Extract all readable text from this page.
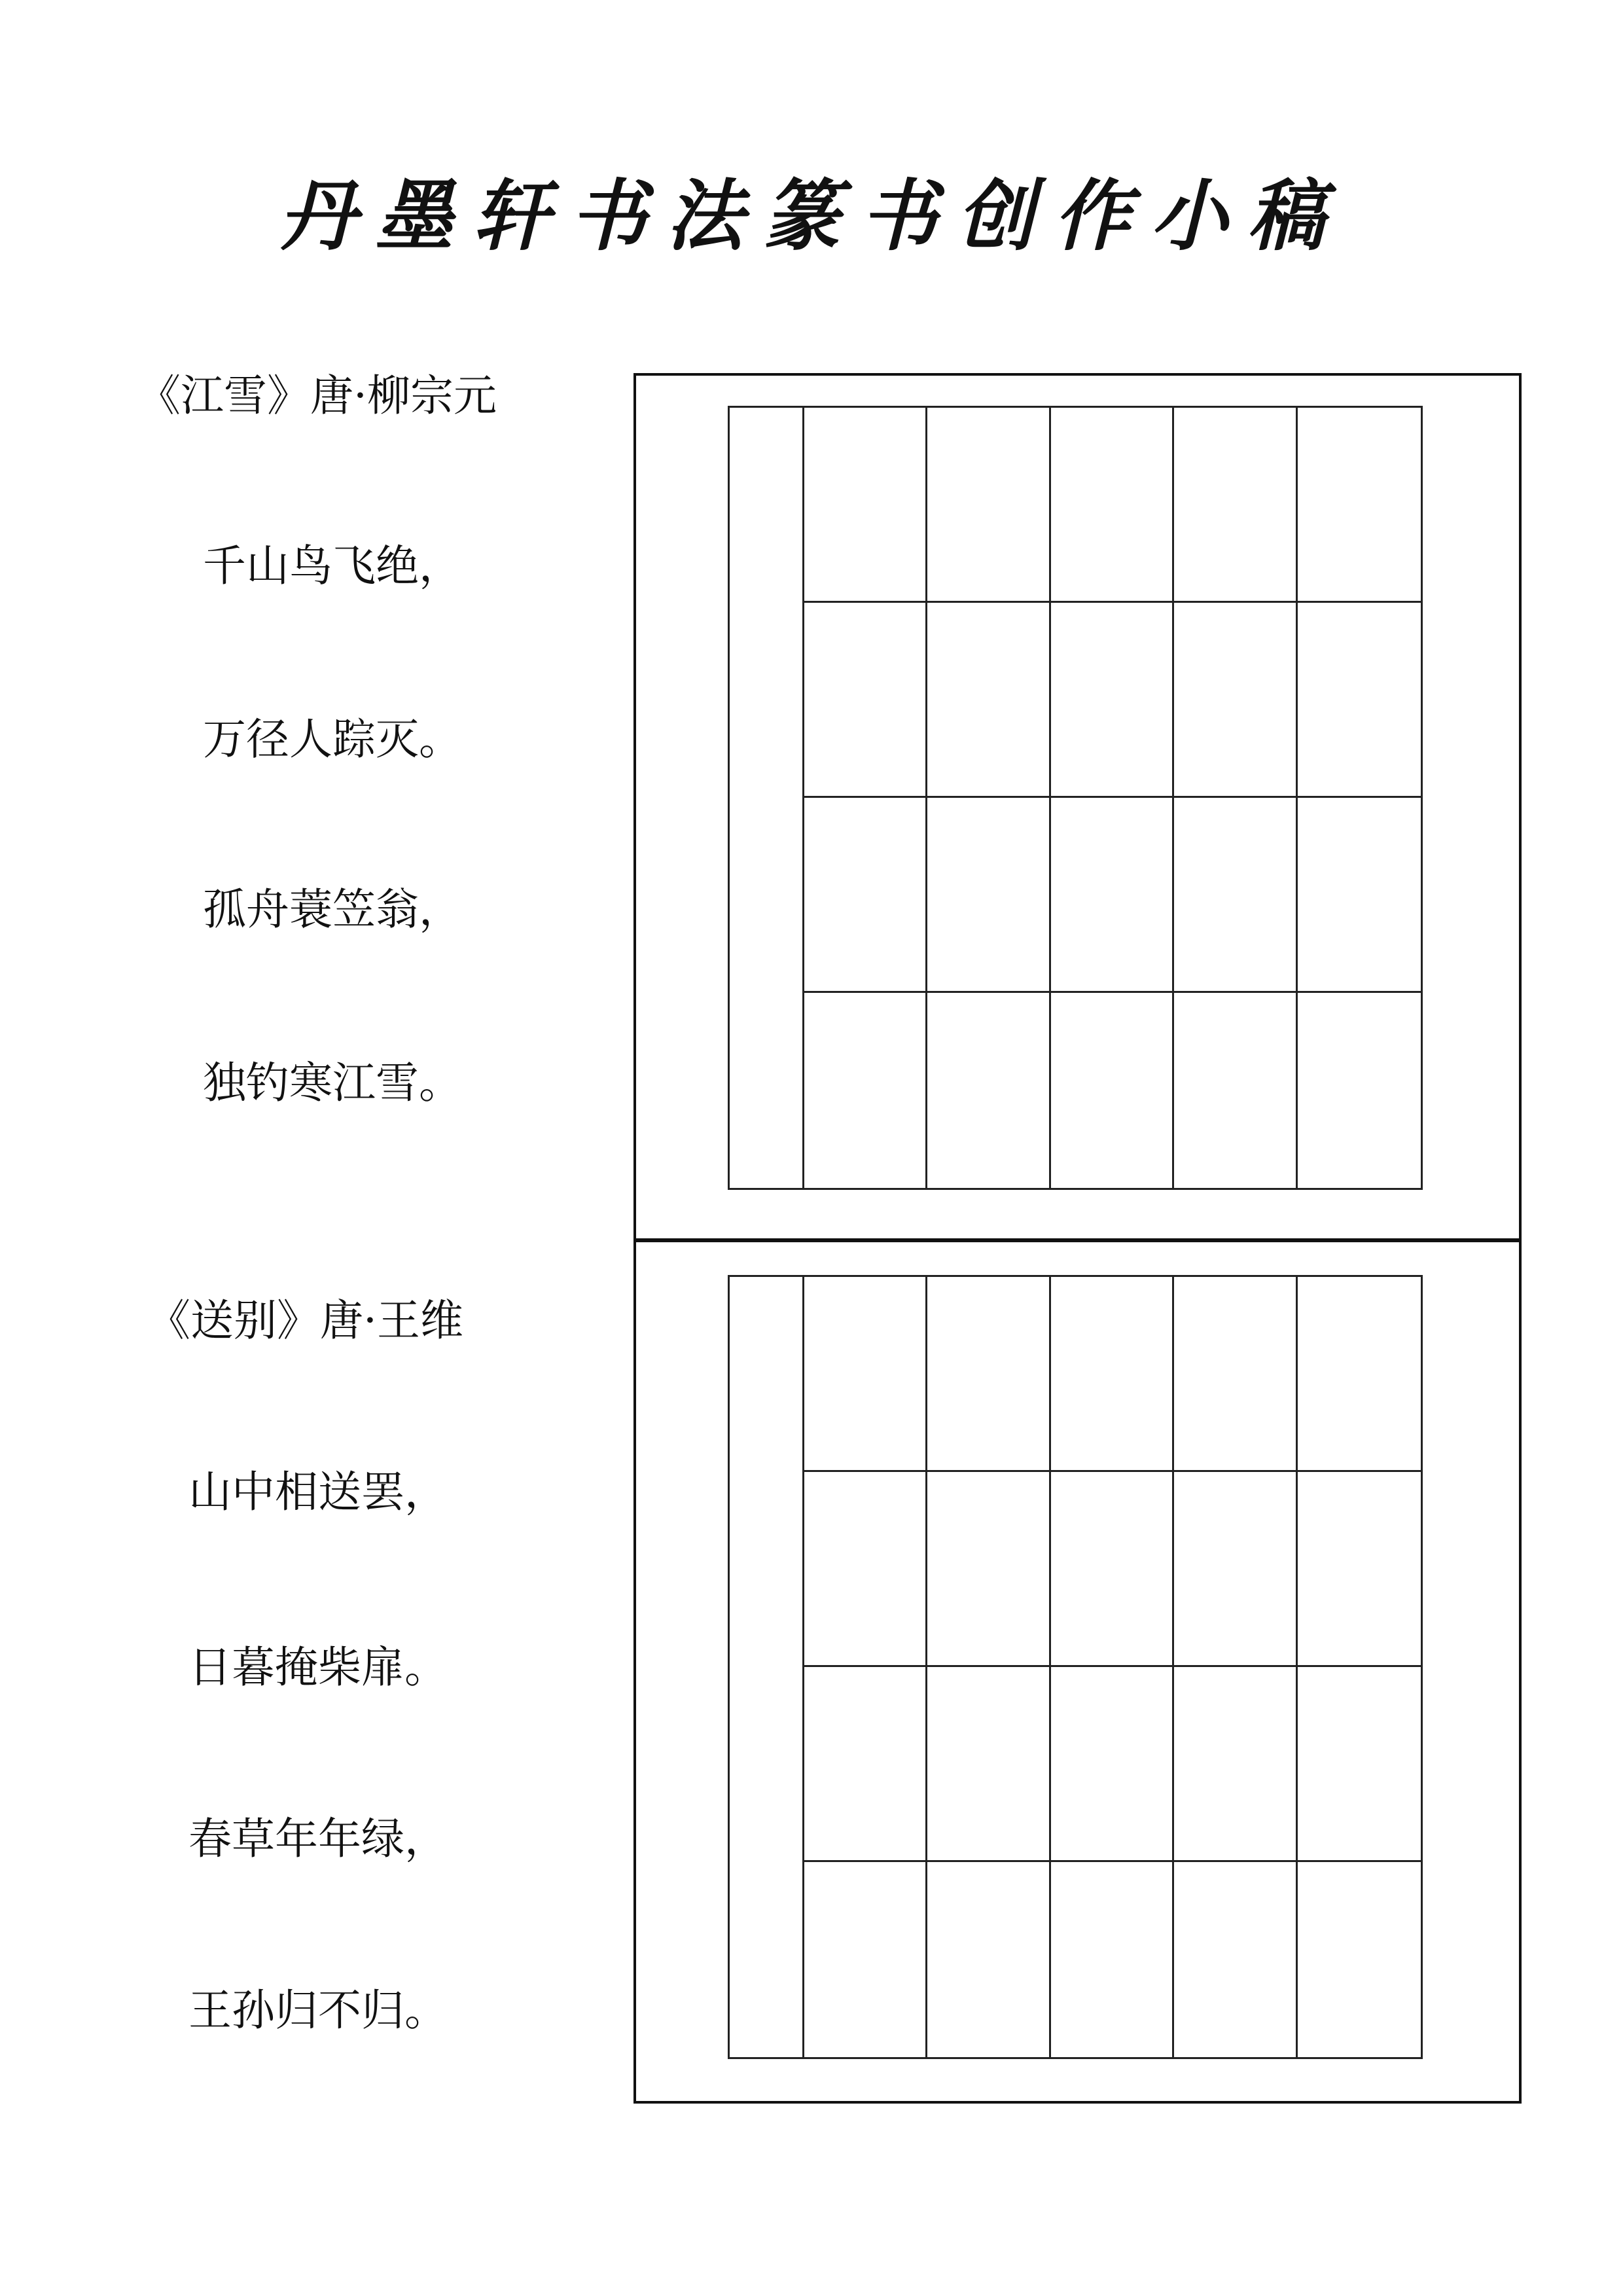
丹墨轩书法篆书创作小稿
《江雪》唐·柳宗元
千山鸟飞绝，
万径人踪灭。
孤舟蓑笠翁，
独钓寒江雪。
《送别》唐·王维
山中相送罢，
日暮掩柴扉。
春草年年绿，
王孙归不归。
